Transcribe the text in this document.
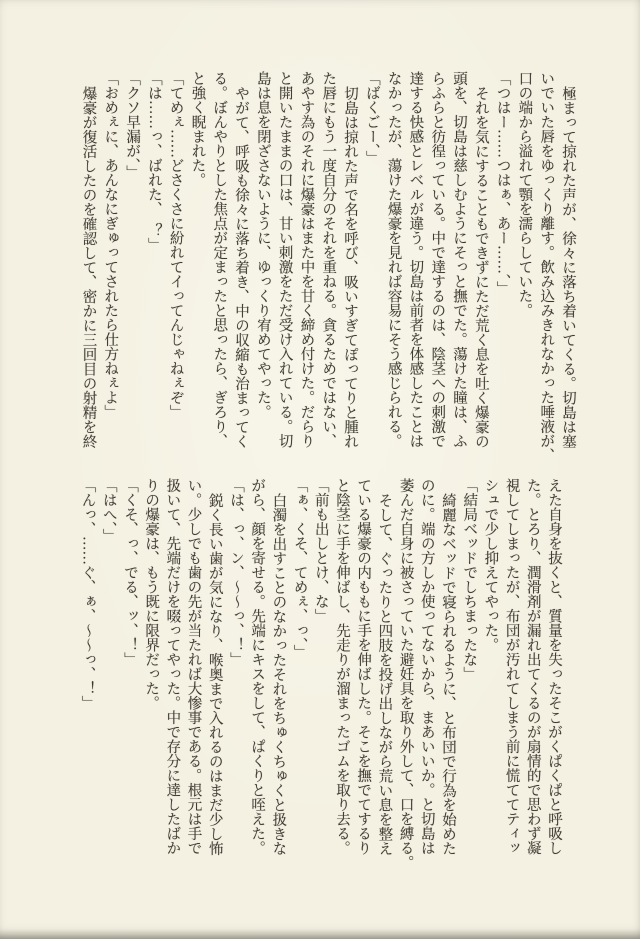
極まって掠れた声が、徐々に落ち着いてくる。切島は塞
いでいた唇をゆっくり離す。飲み込みきれなかった唾液が、
口の端から溢れて顎を濡らしていた。
「つはー……つはぁ、あー……、」
それを気にすることもできずにただ荒く息を吐く爆豪の
頭を、切島は慈しむようにそっと撫でた。蕩けた瞳は、ふ
らふらと彷徨っている。中で達するのは、陰茎への刺激で
達する快感とレベルが違う。切島は前者を体感したことは
なかったが、蕩けた爆豪を見れば容易にそう感じられる。
「ばくごー、」
切島は掠れた声で名を呼び、吸いすぎてぽってりと腫れ
た唇にもう一度自分のそれを重ねる。貪るためではない、
あやす為のそれに爆豪はまた中を甘く締め付けた。だらり
と開いたままの口は、甘い刺激をただ受け入れている。切
島は息を閉ざさないように、ゆっくり宥めてやった。
やがて、呼吸も徐々に落ち着き、中の収縮も治まってく
る。ぼんやりとした焦点が定まったと思ったら、ぎろり、
と強く睨まれた。
「てめぇ……どさくさに紛れてイってんじゃねぇぞ」
「は……っ、ばれた、　？」
「クソ早漏が、」
「おめぇに、あんなにぎゅってされたら仕方ねぇよ」
爆豪が復活したのを確認して、密かに三回目の射精を終
えた自身を抜くと、質量を失ったそこがくぱくぱと呼吸し
た。とろり、潤滑剤が漏れ出てくるのが扇情的で思わず凝
視してしまったが、布団が汚れてしまう前に慌ててティッ
シュで少し抑えてやった。
「結局ベッドでしちまったな」
綺麗なベッドで寝られるように、と布団で行為を始めた
のに。端の方しか使ってないから、まあいいか。と切島は
萎んだ自身に被さっていた避妊具を取り外して、口を縛る。
そして、ぐったりと四肢を投げ出しながら荒い息を整え
ている爆豪の内ももに手を伸ばした。そこを撫でてするり
と陰茎に手を伸ばし、先走りが溜まったゴムを取り去る。
「前も出しとけ、な」
「ぁ、くそ、てめぇ、っ、」
白濁を出すことのなかったそれをちゅくちゅくと扱きな
がら、顔を寄せる。先端にキスをして、ぱくりと咥えた。
「は、っ、ン、～～っ、！」
鋭く長い歯が気になり、喉奥まで入れるのはまだ少し怖
い。少しでも歯の先が当たれば大惨事である。根元は手で
扱いて、先端だけを啜ってやった。中で存分に達したばか
りの爆豪は、もう既に限界だった。
「くそ、っ、でる、ッ、！」
「はへ、」
「んっ、……ぐ、ぁ、～～っ、！」
